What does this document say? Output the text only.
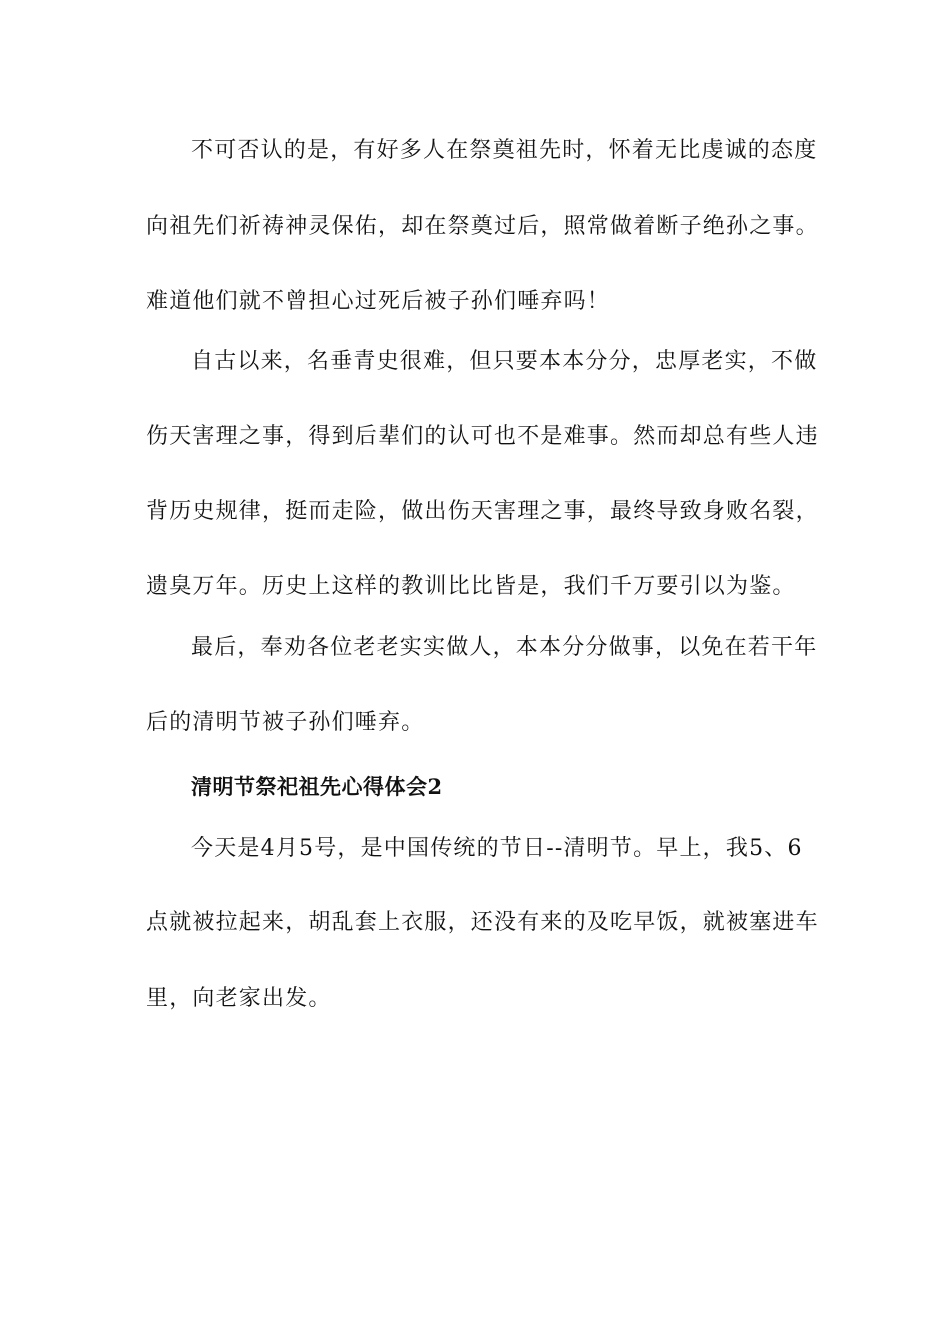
不可否认的是，有好多人在祭奠祖先时，怀着无比虔诚的态度
向祖先们祈祷神灵保佑，却在祭奠过后，照常做着断子绝孙之事。
难道他们就不曾担心过死后被子孙们唾弃吗！
自古以来，名垂青史很难，但只要本本分分，忠厚老实，不做
伤天害理之事，得到后辈们的认可也不是难事。然而却总有些人违
背历史规律，挺而走险，做出伤天害理之事，最终导致身败名裂，
遗臭万年。历史上这样的教训比比皆是，我们千万要引以为鉴。
最后，奉劝各位老老实实做人，本本分分做事，以免在若干年
后的清明节被子孙们唾弃。
清明节祭祀祖先心得体会2
今天是4月5号，是中国传统的节日--清明节。早上，我5、6
点就被拉起来，胡乱套上衣服，还没有来的及吃早饭，就被塞进车
里，向老家出发。
